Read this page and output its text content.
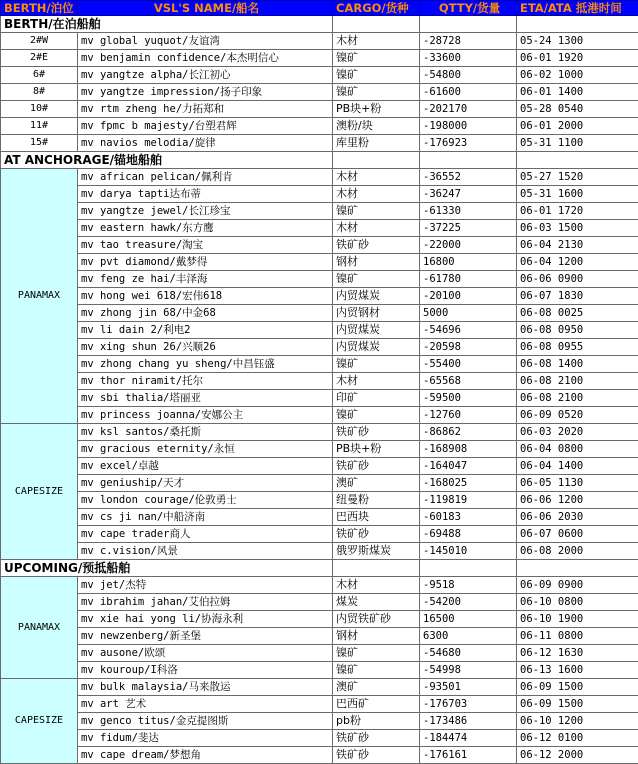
BERTH/泊位	VSL'S NAME/船名	CARGO/货种	QTTY/货量	ETA/ATA 抵港时间
BERTH/在泊船舶				
2#W	mv global yuquot/友谊湾	木材	-28728	05-24 1300
2#E	mv benjamin confidence/本杰明信心	镍矿	-33600	06-01 1920
6#	mv yangtze alpha/长江初心	镍矿	-54800	06-02 1000
8#	mv yangtze impression/扬子印象	镍矿	-61600	06-01 1400
10#	mv rtm zheng he/力拓郑和	PB块+粉	-202170	05-28 0540
11#	mv fpmc b majesty/台塑君辉	澳粉/块	-198000	06-01 2000
15#	mv navios melodia/旋律	库里粉	-176923	05-31 1100
AT ANCHORAGE/锚地船舶				
PANAMAX	mv african pelican/佩利肯	木材	-36552	05-27 1520
	mv darya tapti达布蒂	木材	-36247	05-31 1600
	mv yangtze jewel/长江珍宝	镍矿	-61330	06-01 1720
	mv eastern hawk/东方鹰	木材	-37225	06-03 1500
	mv tao treasure/淘宝	铁矿砂	-22000	06-04 2130
	mv pvt diamond/戴梦得	钢材	16800	06-04 1200
	mv feng ze hai/丰泽海	镍矿	-61780	06-06 0900
	mv hong wei 618/宏伟618	内贸煤炭	-20100	06-07 1830
	mv zhong jin 68/中金68	内贸钢材	5000	06-08 0025
	mv li dain 2/利电2	内贸煤炭	-54696	06-08 0950
	mv xing shun 26/兴顺26	内贸煤炭	-20598	06-08 0955
	mv zhong chang yu sheng/中昌钰盛	镍矿	-55400	06-08 1400
	mv thor niramit/托尔	木材	-65568	06-08 2100
	mv sbi thalia/塔丽亚	印矿	-59500	06-08 2100
	mv princess joanna/安娜公主	镍矿	-12760	06-09 0520
CAPESIZE	mv ksl santos/桑托斯	铁矿砂	-86862	06-03 2020
	mv gracious eternity/永恒	PB块+粉	-168908	06-04 0800
	mv excel/卓越	铁矿砂	-164047	06-04 1400
	mv geniuship/天才	澳矿	-168025	06-05 1130
	mv london courage/伦敦勇士	纽曼粉	-119819	06-06 1200
	mv cs ji nan/中船济南	巴西块	-60183	06-06 2030
	mv cape trader商人	铁矿砂	-69488	06-07 0600
	mv c.vision/风景	俄罗斯煤炭	-145010	06-08 2000
UPCOMING/预抵船舶				
PANAMAX	mv jet/杰特	木材	-9518	06-09 0900
	mv ibrahim jahan/艾伯拉姆	煤炭	-54200	06-10 0800
	mv xie hai yong li/协海永利	内贸铁矿砂	16500	06-10 1900
	mv newzenberg/新圣堡	钢材	6300	06-11 0800
	mv ausone/欧颂	镍矿	-54680	06-12 1630
	mv kouroup/I科洛	镍矿	-54998	06-13 1600
CAPESIZE	mv bulk malaysia/马来散运	澳矿	-93501	06-09 1500
	mv art 艺术	巴西矿	-176703	06-09 1500
	mv genco titus/金克提图斯	pb粉	-173486	06-10 1200
	mv fidum/斐达	铁矿砂	-184474	06-12 0100
	mv cape dream/梦想角	铁矿砂	-176161	06-12 2000
